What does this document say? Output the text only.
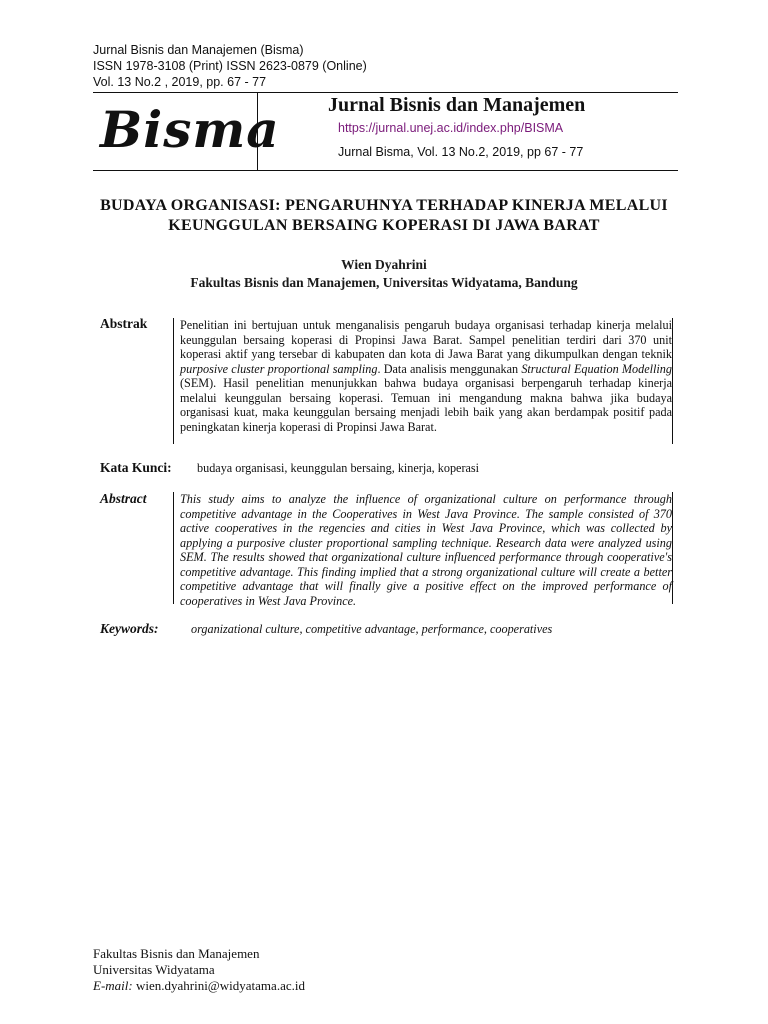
Jurnal Bisnis dan Manajemen (Bisma)
ISSN 1978-3108 (Print) ISSN 2623-0879 (Online)
Vol. 13 No.2 , 2019, pp. 67 - 77
Bisma Jurnal Bisnis dan Manajemen
https://jurnal.unej.ac.id/index.php/BISMA
Jurnal Bisma, Vol. 13 No.2, 2019, pp 67 - 77
BUDAYA ORGANISASI: PENGARUHNYA TERHADAP KINERJA MELALUI
KEUNGGULAN BERSAING KOPERASI DI JAWA BARAT
Wien Dyahrini
Fakultas Bisnis dan Manajemen, Universitas Widyatama, Bandung
Abstrak	Penelitian ini bertujuan untuk menganalisis pengaruh budaya organisasi terhadap kinerja melalui keunggulan bersaing koperasi di Propinsi Jawa Barat. Sampel penelitian terdiri dari 370 unit koperasi aktif yang tersebar di kabupaten dan kota di Jawa Barat yang dikumpulkan dengan teknik purposive cluster proportional sampling. Data analisis menggunakan Structural Equation Modelling (SEM). Hasil penelitian menunjukkan bahwa budaya organisasi berpengaruh terhadap kinerja melalui keunggulan bersaing koperasi. Temuan ini mengandung makna bahwa jika budaya organisasi kuat, maka keunggulan bersaing menjadi lebih baik yang akan berdampak positif pada peningkatan kinerja koperasi di Propinsi Jawa Barat.
Kata Kunci: budaya organisasi, keunggulan bersaing, kinerja, koperasi
Abstract	This study aims to analyze the influence of organizational culture on performance through competitive advantage in the Cooperatives in West Java Province. The sample consisted of 370 active cooperatives in the regencies and cities in West Java Province, which was collected by applying a purposive cluster proportional sampling technique. Research data were analyzed using SEM. The results showed that organizational culture influenced performance through cooperative's competitive advantage. This finding implied that a strong organizational culture will create a better competitive advantage that will finally give a positive effect on the improved performance of cooperatives in West Java Province.
Keywords:	organizational culture, competitive advantage, performance, cooperatives
Fakultas Bisnis dan Manajemen
Universitas Widyatama
E-mail: wien.dyahrini@widyatama.ac.id
